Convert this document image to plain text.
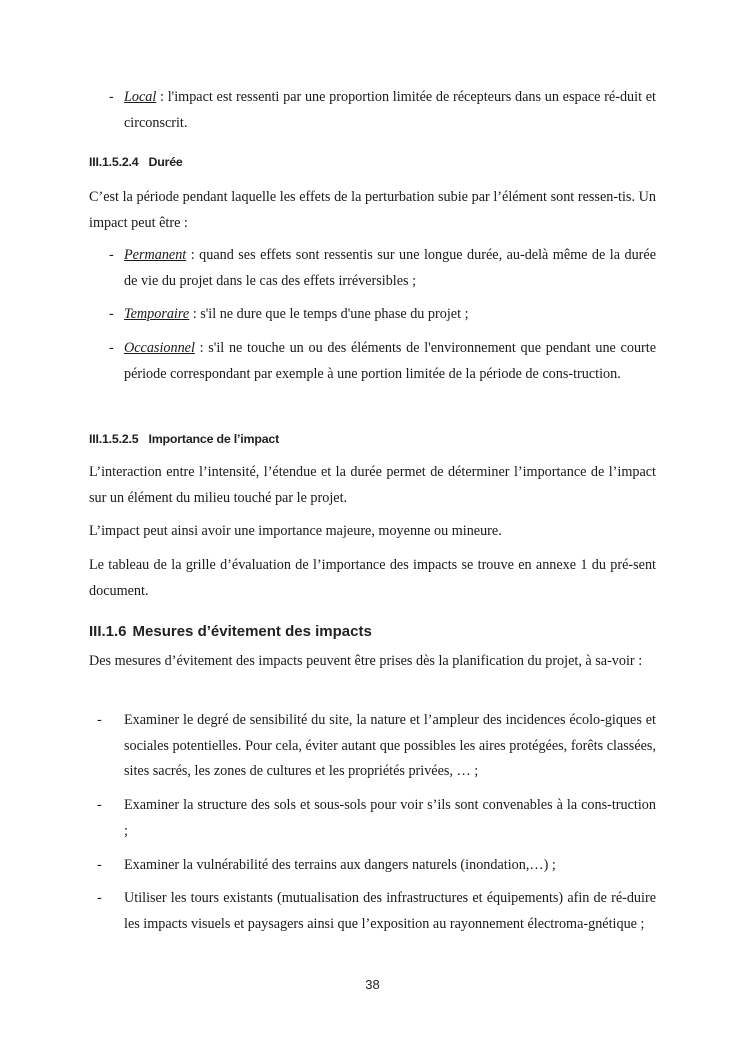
- Local : l'impact est ressenti par une proportion limitée de récepteurs dans un espace ré-duit et circonscrit.
III.1.5.2.4 Durée
C’est la période pendant laquelle les effets de la perturbation subie par l’élément sont ressen-tis. Un impact peut être :
- Permanent : quand ses effets sont ressentis sur une longue durée, au-delà même de la durée de vie du projet dans le cas des effets irréversibles ;
- Temporaire : s'il ne dure que le temps d'une phase du projet ;
- Occasionnel : s'il ne touche un ou des éléments de l'environnement que pendant une courte période correspondant par exemple à une portion limitée de la période de cons-truction.
III.1.5.2.5 Importance de l’impact
L’interaction entre l’intensité, l’étendue et la durée permet de déterminer l’importance de l’impact sur un élément du milieu touché par le projet.
L’impact peut ainsi avoir une importance majeure, moyenne ou mineure.
Le tableau de la grille d’évaluation de l’importance des impacts se trouve en annexe 1 du pré-sent document.
III.1.6 Mesures d’évitement des impacts
Des mesures d’évitement des impacts peuvent être prises dès la planification du projet, à sa-voir :
- Examiner le degré de sensibilité du site, la nature et l’ampleur des incidences écolo-giques et sociales potentielles. Pour cela, éviter autant que possibles les aires protégées, forêts classées, sites sacrés, les zones de cultures et les propriétés privées, … ;
- Examiner la structure des sols et sous-sols pour voir s’ils sont convenables à la cons-truction ;
- Examiner la vulnérabilité des terrains aux dangers naturels (inondation,…) ;
- Utiliser les tours existants (mutualisation des infrastructures et équipements) afin de ré-duire les impacts visuels et paysagers ainsi que l’exposition au rayonnement électroma-gnétique ;
38
